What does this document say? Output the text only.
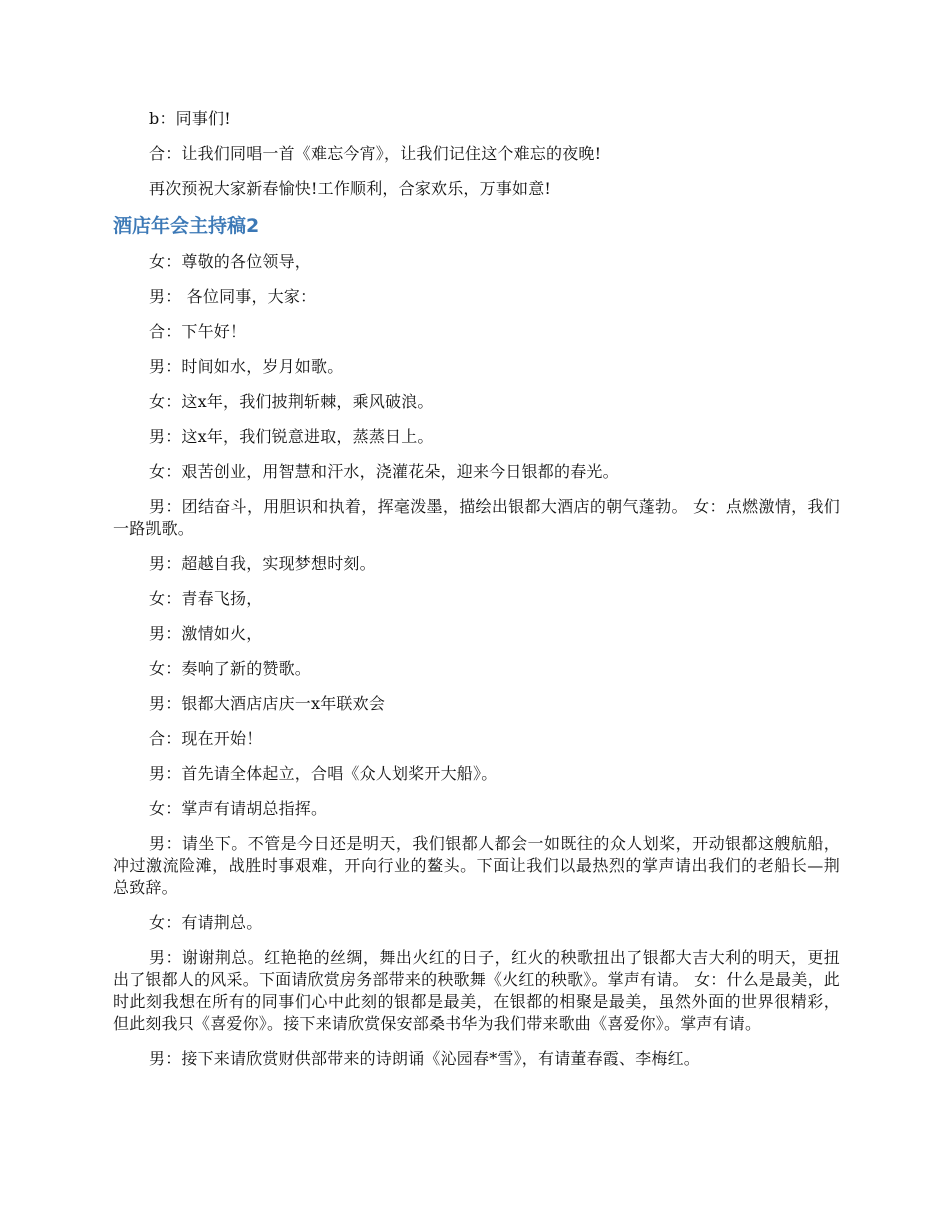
b：同事们!

合：让我们同唱一首《难忘今宵》，让我们记住这个难忘的夜晚!

再次预祝大家新春愉快!工作顺利，合家欢乐，万事如意!

酒店年会主持稿2

女：尊敬的各位领导，

男： 各位同事，大家：

合：下午好！

男：时间如水，岁月如歌。

女：这x年，我们披荆斩棘，乘风破浪。

男：这x年，我们锐意进取，蒸蒸日上。

女：艰苦创业，用智慧和汗水，浇灌花朵，迎来今日银都的春光。

男：团结奋斗，用胆识和执着，挥毫泼墨，描绘出银都大酒店的朝气蓬勃。 女：点燃激情，我们一路凯歌。

男：超越自我，实现梦想时刻。

女：青春飞扬，

男：激情如火，

女：奏响了新的赞歌。

男：银都大酒店店庆一x年联欢会

合：现在开始！

男：首先请全体起立，合唱《众人划桨开大船》。

女：掌声有请胡总指挥。

男：请坐下。不管是今日还是明天，我们银都人都会一如既往的众人划桨，开动银都这艘航船，冲过激流险滩，战胜时事艰难，开向行业的鳌头。下面让我们以最热烈的掌声请出我们的老船长—荆总致辞。

女：有请荆总。

男：谢谢荆总。红艳艳的丝绸，舞出火红的日子，红火的秧歌扭出了银都大吉大利的明天，更扭出了银都人的风采。下面请欣赏房务部带来的秧歌舞《火红的秧歌》。掌声有请。 女：什么是最美，此时此刻我想在所有的同事们心中此刻的银都是最美，在银都的相聚是最美，虽然外面的世界很精彩，但此刻我只《喜爱你》。接下来请欣赏保安部桑书华为我们带来歌曲《喜爱你》。掌声有请。

男：接下来请欣赏财供部带来的诗朗诵《沁园春*雪》，有请董春霞、李梅红。
